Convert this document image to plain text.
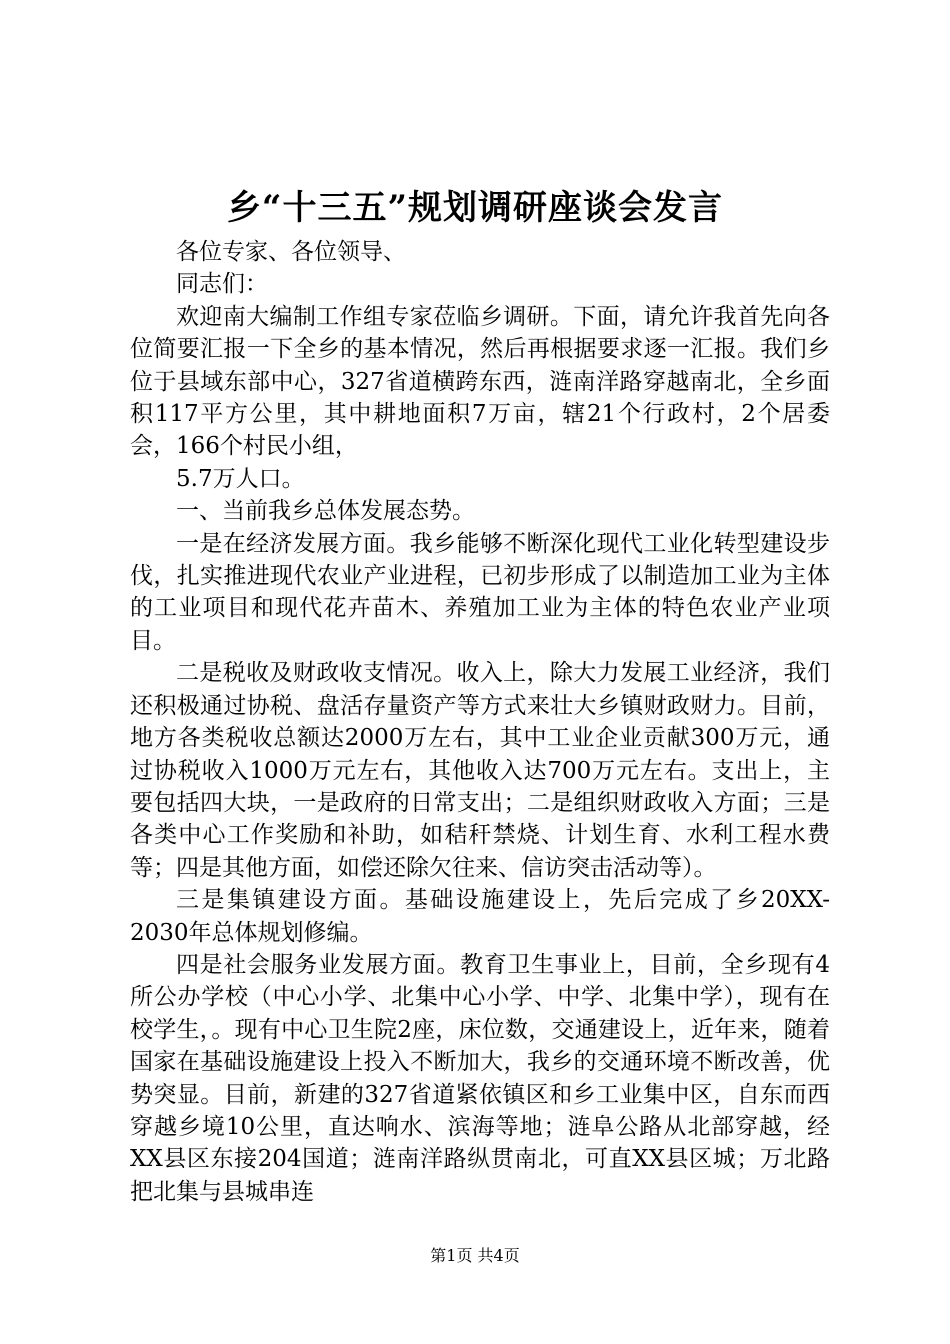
乡“十三五”规划调研座谈会发言

各位专家、各位领导、

同志们：

欢迎南大编制工作组专家莅临乡调研。下面，请允许我首先向各位简要汇报一下全乡的基本情况，然后再根据要求逐一汇报。我们乡位于县域东部中心，327省道横跨东西，涟南洋路穿越南北，全乡面积117平方公里，其中耕地面积7万亩，辖21个行政村，2个居委会，166个村民小组，

5.7万人口。

一、当前我乡总体发展态势。

一是在经济发展方面。我乡能够不断深化现代工业化转型建设步伐，扎实推进现代农业产业进程，已初步形成了以制造加工业为主体的工业项目和现代花卉苗木、养殖加工业为主体的特色农业产业项目。

二是税收及财政收支情况。收入上，除大力发展工业经济，我们还积极通过协税、盘活存量资产等方式来壮大乡镇财政财力。目前，地方各类税收总额达2000万左右，其中工业企业贡献300万元，通过协税收入1000万元左右，其他收入达700万元左右。支出上，主要包括四大块，一是政府的日常支出；二是组织财政收入方面；三是各类中心工作奖励和补助，如秸秆禁烧、计划生育、水利工程水费等；四是其他方面，如偿还除欠往来、信访突击活动等）。

三是集镇建设方面。基础设施建设上，先后完成了乡20XX-2030年总体规划修编。

四是社会服务业发展方面。教育卫生事业上，目前，全乡现有4所公办学校（中心小学、北集中心小学、中学、北集中学），现有在校学生，。现有中心卫生院2座，床位数，交通建设上，近年来，随着国家在基础设施建设上投入不断加大，我乡的交通环境不断改善，优势突显。目前，新建的327省道紧依镇区和乡工业集中区，自东而西穿越乡境10公里，直达响水、滨海等地；涟阜公路从北部穿越，经XX县区东接204国道；涟南洋路纵贯南北，可直XX县区城；万北路把北集与县城串连

第1页 共4页
